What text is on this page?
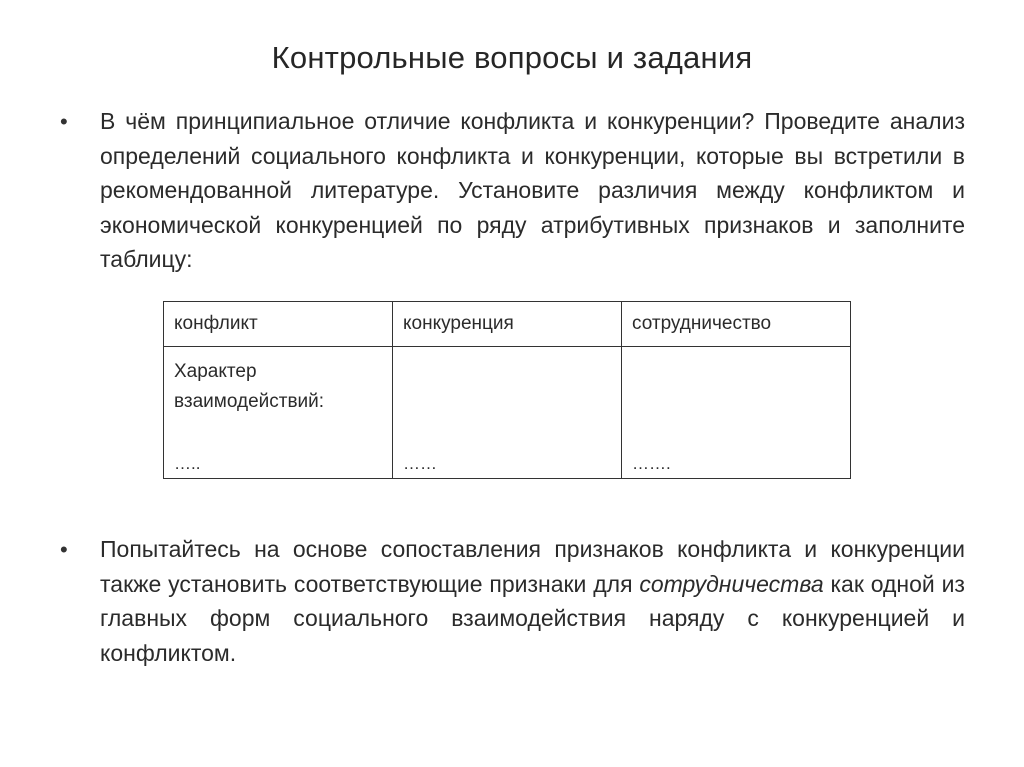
Контрольные вопросы и задания
• В чём принципиальное отличие конфликта и конкуренции? Проведите анализ определений социального конфликта и конкуренции, которые вы встретили в рекомендованной литературе. Установите различия между конфликтом и экономической конкуренцией по ряду атрибутивных признаков и заполните таблицу:
конфликт	конкуренция	сотрудничество

Характер
взаимодействий:
…..	……	…….
• Попытайтесь на основе сопоставления признаков конфликта и конкуренции также установить соответствующие признаки для сотрудничества как одной из главных форм социального взаимодействия наряду с конкуренцией и конфликтом.
